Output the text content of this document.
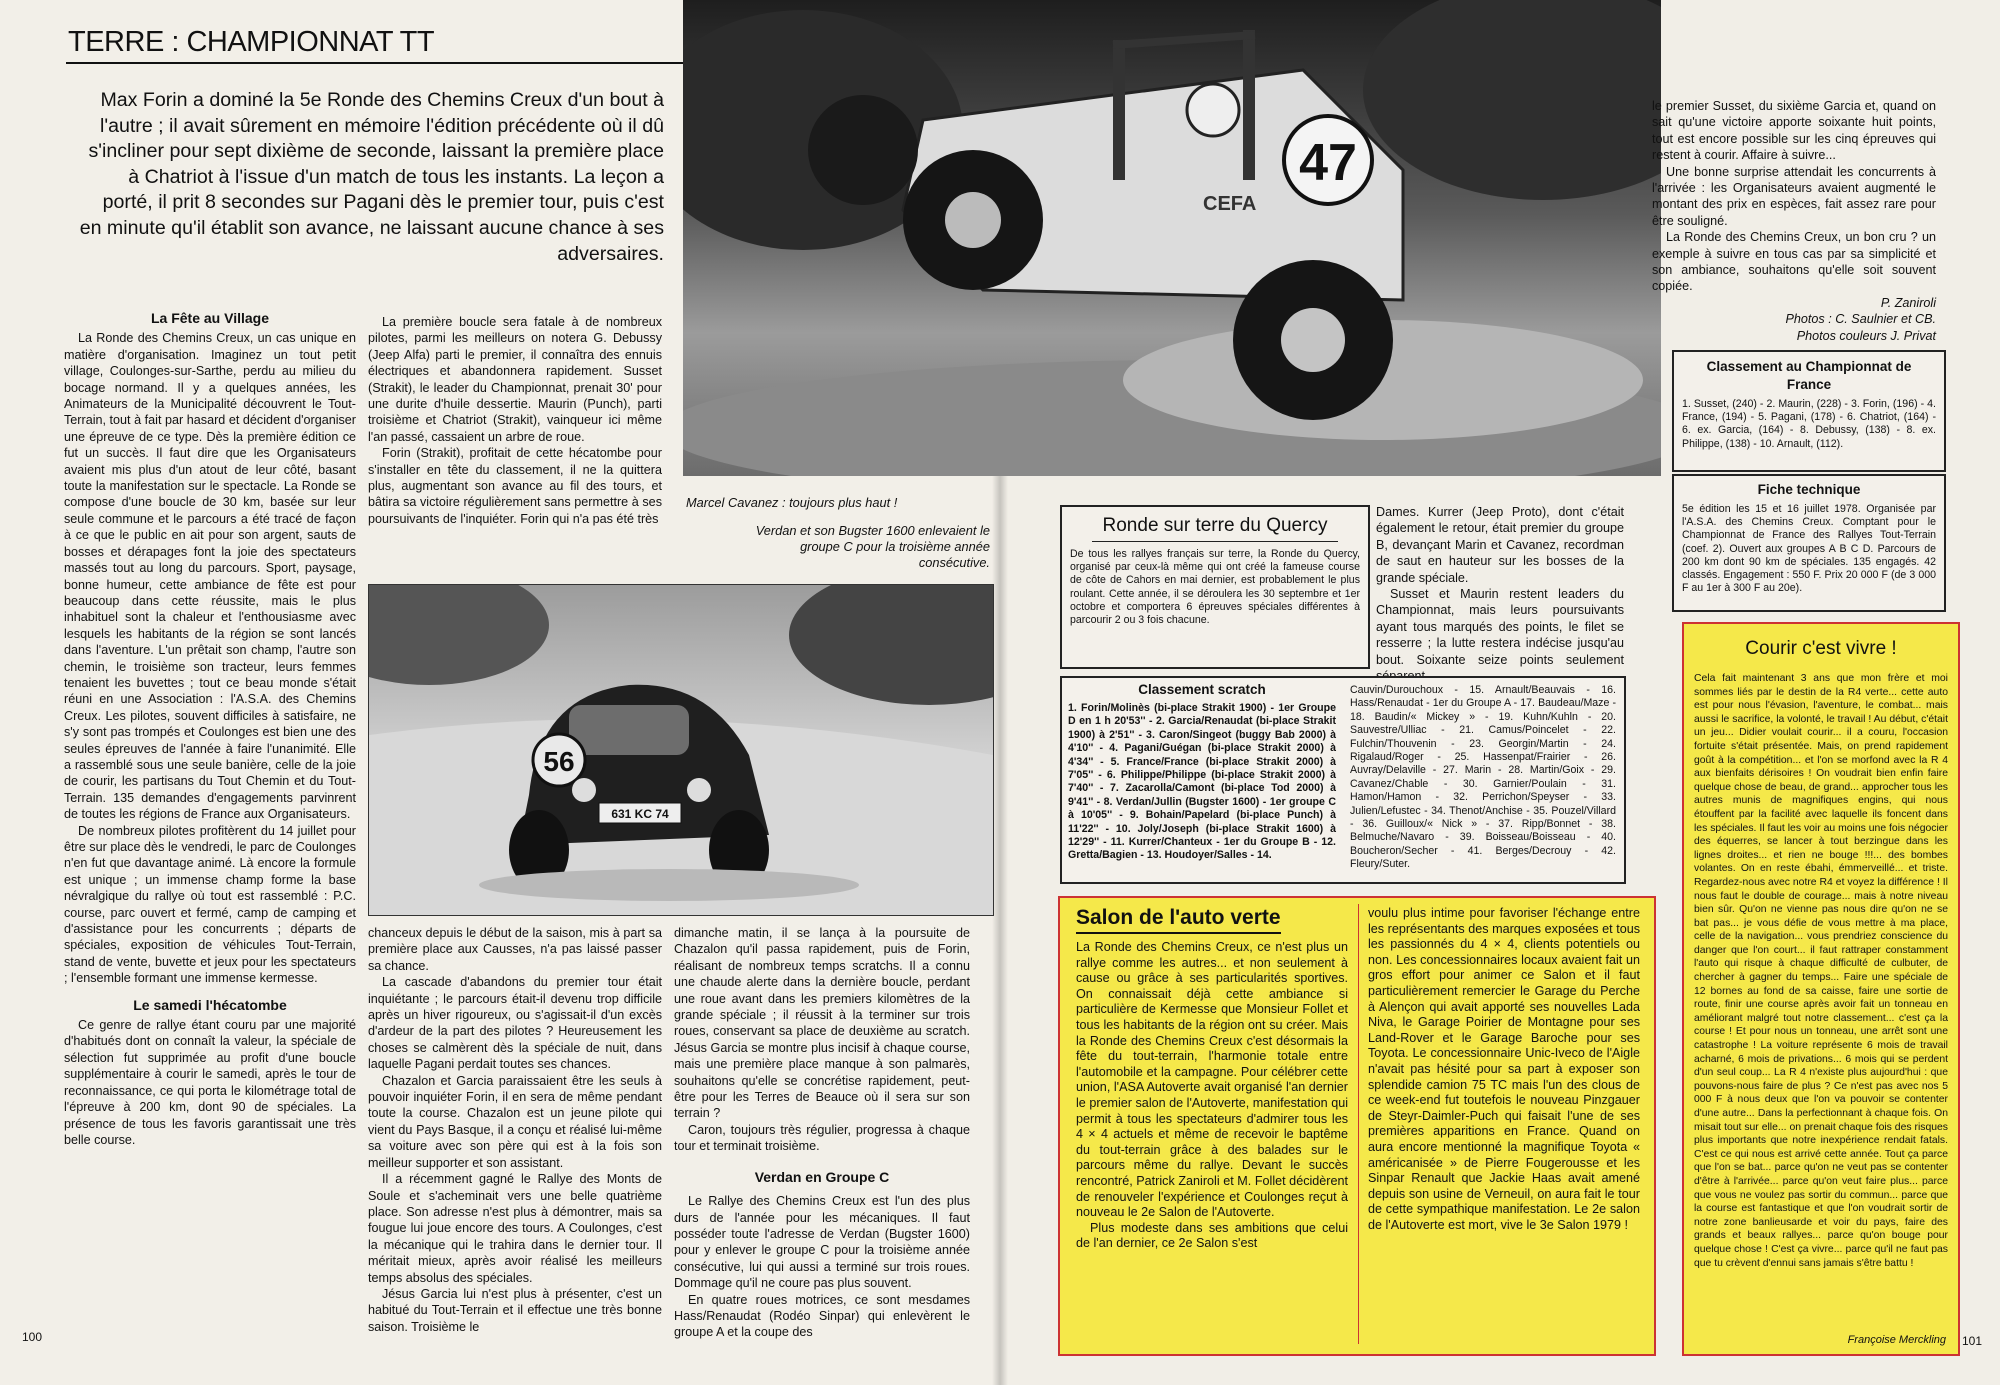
TERRE : CHAMPIONNAT TT
Max Forin a dominé la 5e Ronde des Chemins Creux d'un bout à l'autre ; il avait sûrement en mémoire l'édition précédente où il dû s'incliner pour sept dixième de seconde, laissant la première place à Chatriot à l'issue d'un match de tous les instants. La leçon a porté, il prit 8 secondes sur Pagani dès le premier tour, puis c'est en minute qu'il établit son avance, ne laissant aucune chance à ses adversaires.
La Fête au Village

La Ronde des Chemins Creux, un cas unique en matière d'organisation. Imaginez un tout petit village, Coulonges-sur-Sarthe, perdu au milieu du bocage normand. Il y a quelques années, les Animateurs de la Municipalité découvrent le Tout-Terrain, tout à fait par hasard et décident d'organiser une épreuve de ce type. Dès la première édition ce fut un succès. Il faut dire que les Organisateurs avaient mis plus d'un atout de leur côté, basant toute la manifestation sur le spectacle. La Ronde se compose d'une boucle de 30 km, basée sur leur seule commune et le parcours a été tracé de façon à ce que le public en ait pour son argent, sauts de bosses et dérapages font la joie des spectateurs massés tout au long du parcours. Sport, paysage, bonne humeur, cette ambiance de fête est pour beaucoup dans cette réussite, mais le plus inhabituel sont la chaleur et l'enthousiasme avec lesquels les habitants de la région se sont lancés dans l'aventure. L'un prêtait son champ, l'autre son chemin, le troisième son tracteur, leurs femmes tenaient les buvettes ; tout ce beau monde s'était réuni en une Association : l'A.S.A. des Chemins Creux. Les pilotes, souvent difficiles à satisfaire, ne s'y sont pas trompés et Coulonges est bien une des seules épreuves de l'année à faire l'unanimité. Elle a rassemblé sous une seule banière, celle de la joie de courir, les partisans du Tout Chemin et du Tout-Terrain. 135 demandes d'engagements parvinrent de toutes les régions de France aux Organisateurs.

De nombreux pilotes profitèrent du 14 juillet pour être sur place dès le vendredi, le parc de Coulonges n'en fut que davantage animé. Là encore la formule est unique ; un immense champ forme la base névralgique du rallye où tout est rassemblé : P.C. course, parc ouvert et fermé, camp de camping et d'assistance pour les concurrents ; départs de spéciales, exposition de véhicules Tout-Terrain, stand de vente, buvette et jeux pour les spectateurs ; l'ensemble formant une immense kermesse.

Le samedi l'hécatombe

Ce genre de rallye étant couru par une majorité d'habitués dont on connaît la valeur, la spéciale de sélection fut supprimée au profit d'une boucle supplémentaire à courir le samedi, après le tour de reconnaissance, ce qui porta le kilométrage total de l'épreuve à 200 km, dont 90 de spéciales. La présence de tous les favoris garantissait une très belle course.

La première boucle sera fatale à de nombreux pilotes, parmi les meilleurs on notera G. Debussy (Jeep Alfa) parti le premier, il connaîtra des ennuis électriques et abandonnera rapidement. Susset (Strakit), le leader du Championnat, prenait 30' pour une durite d'huile dessertie. Maurin (Punch), parti troisième et Chatriot (Strakit), vainqueur ici même l'an passé, cassaient un arbre de roue.

Forin (Strakit), profitait de cette hécatombe pour s'installer en tête du classement, il ne la quittera plus, augmentant son avance au fil des tours, et bâtira sa victoire régulièrement sans permettre à ses poursuivants de l'inquiéter. Forin qui n'a pas été très

47
CEFA
Marcel Cavanez : toujours plus haut !
Verdan et son Bugster 1600 enlevaient le groupe C pour la troisième année consécutive.
56
631 KC 74

chanceux depuis le début de la saison, mis à part sa première place aux Causses, n'a pas laissé passer sa chance.

La cascade d'abandons du premier tour était inquiétante ; le parcours était-il devenu trop difficile après un hiver rigoureux, ou s'agissait-il d'un excès d'ardeur de la part des pilotes ? Heureusement les choses se calmèrent dès la spéciale de nuit, dans laquelle Pagani perdait toutes ses chances.

Chazalon et Garcia paraissaient être les seuls à pouvoir inquiéter Forin, il en sera de même pendant toute la course. Chazalon est un jeune pilote qui vient du Pays Basque, il a conçu et réalisé lui-même sa voiture avec son père qui est à la fois son meilleur supporter et son assistant.

Il a récemment gagné le Rallye des Monts de Soule et s'acheminait vers une belle quatrième place. Son adresse n'est plus à démontrer, mais sa fougue lui joue encore des tours. A Coulonges, c'est la mécanique qui le trahira dans le dernier tour. Il méritait mieux, après avoir réalisé les meilleurs temps absolus des spéciales.

Jésus Garcia lui n'est plus à présenter, c'est un habitué du Tout-Terrain et il effectue une très bonne saison. Troisième le

dimanche matin, il se lança à la poursuite de Chazalon qu'il passa rapidement, puis de Forin, réalisant de nombreux temps scratchs. Il a connu une chaude alerte dans la dernière boucle, perdant une roue avant dans les premiers kilomètres de la grande spéciale ; il réussit à la terminer sur trois roues, conservant sa place de deuxième au scratch. Jésus Garcia se montre plus incisif à chaque course, mais une première place manque à son palmarès, souhaitons qu'elle se concrétise rapidement, peut-être pour les Terres de Beauce où il sera sur son terrain ?

Caron, toujours très régulier, progressa à chaque tour et terminait troisième.

Verdan en Groupe C

Le Rallye des Chemins Creux est l'un des plus durs de l'année pour les mécaniques. Il faut posséder toute l'adresse de Verdan (Bugster 1600) pour y enlever le groupe C pour la troisième année consécutive, lui qui aussi a terminé sur trois roues. Dommage qu'il ne coure pas plus souvent.

En quatre roues motrices, ce sont mesdames Hass/Renaudat (Rodéo Sinpar) qui enlevèrent le groupe A et la coupe des

100
Ronde sur terre du Quercy
De tous les rallyes français sur terre, la Ronde du Quercy, organisé par ceux-là même qui ont créé la fameuse course de côte de Cahors en mai dernier, est probablement le plus roulant. Cette année, il se déroulera les 30 septembre et 1er octobre et comportera 6 épreuves spéciales différentes à parcourir 2 ou 3 fois chacune.

Dames. Kurrer (Jeep Proto), dont c'était également le retour, était premier du groupe B, devançant Marin et Cavanez, recordman de saut en hauteur sur les bosses de la grande spéciale.

Susset et Maurin restent leaders du Championnat, mais leurs poursuivants ayant tous marqués des points, le filet se resserre ; la lutte restera indécise jusqu'au bout. Soixante seize points seulement

Classement scratch
1. Forin/Molinès (bi-place Strakit 1900) - 1er Groupe D en 1 h 20'53'' - 2. Garcia/Renaudat (bi-place Strakit 1900) à 2'51'' - 3. Caron/Singeot (buggy Bab 2000) à 4'10'' - 4. Pagani/Guégan (bi-place Strakit 2000) à 4'34'' - 5. France/France (bi-place Strakit 2000) à 7'05'' - 6. Philippe/Philippe (bi-place Strakit 2000) à 7'40'' - 7. Zacarolla/Camont (bi-place Tod 2000) à 9'41'' - 8. Verdan/Jullin (Bugster 1600) - 1er groupe C à 10'05'' - 9. Bohain/Papelard (bi-place Punch) à 11'22'' - 10. Joly/Joseph (bi-place Strakit 1600) à 12'29'' - 11. Kurrer/Chanteux - 1er du Groupe B - 12. Gretta/Bagien - 13. Houdoyer/Salles - 14.
Cauvin/Durouchoux - 15. Arnault/Beauvais - 16. Hass/Renaudat - 1er du Groupe A - 17. Baudeau/Maze - 18. Baudin/« Mickey » - 19. Kuhn/Kuhln - 20. Sauvestre/Ulliac - 21. Camus/Poincelet - 22. Fulchin/Thouvenin - 23. Georgin/Martin - 24. Rigalaud/Roger - 25. Hassenpat/Frairier - 26. Auvray/Delaville - 27. Marin - 28. Martin/Goix - 29. Cavanez/Chable - 30. Garnier/Poulain - 31. Hamon/Hamon - 32. Perrichon/Speyser - 33. Julien/Lefustec - 34. Thenot/Anchise - 35. Pouzel/Villard - 36. Guilloux/« Nick » - 37. Ripp/Bonnet - 38. Belmuche/Navaro - 39. Boisseau/Boisseau - 40. Boucheron/Secher - 41. Berges/Decrouy - 42. Fleury/Suter.
Salon de l'auto verte
La Ronde des Chemins Creux, ce n'est plus un rallye comme les autres... et non seulement à cause ou grâce à ses particularités sportives. On connaissait déjà cette ambiance si particulière de Kermesse que Monsieur Follet et tous les habitants de la région ont su créer. Mais la Ronde des Chemins Creux c'est désormais la fête du tout-terrain, l'harmonie totale entre l'automobile et la campagne. Pour célébrer cette union, l'ASA Autoverte avait organisé l'an dernier le premier salon de l'Autoverte, manifestation qui permit à tous les spectateurs d'admirer tous les 4 × 4 actuels et même de recevoir le baptême du tout-terrain grâce à des balades sur le parcours même du rallye. Devant le succès rencontré, Patrick Zaniroli et M. Follet décidèrent de renouveler l'expérience et Coulonges reçut à nouveau le 2e Salon de l'Autoverte.
Plus modeste dans ses ambitions que celui de l'an dernier, ce 2e Salon s'est
voulu plus intime pour favoriser l'échange entre les représentants des marques exposées et tous les passionnés du 4 × 4, clients potentiels ou non. Les concessionnaires locaux avaient fait un gros effort pour animer ce Salon et il faut particulièrement remercier le Garage du Perche à Alençon qui avait apporté ses nouvelles Lada Niva, le Garage Poirier de Montagne pour ses Land-Rover et le Garage Baroche pour ses Toyota. Le concessionnaire Unic-Iveco de l'Aigle n'avait pas hésité pour sa part à exposer son splendide camion 75 TC mais l'un des clous de ce week-end fut toutefois le nouveau Pinzgauer de Steyr-Daimler-Puch qui faisait l'une de ses premières apparitions en France. Quand on aura encore mentionné la magnifique Toyota « américanisée » de Pierre Fougerousse et les Sinpar Renault que Jackie Haas avait amené depuis son usine de Verneuil, on aura fait le tour de cette sympathique manifestation. Le 2e salon de l'Autoverte est mort, vive le 3e Salon 1979 !

le premier Susset, du sixième Garcia et, quand on sait qu'une victoire apporte soixante huit points, tout est encore possible sur les cinq épreuves qui restent à courir. Affaire à suivre...

Une bonne surprise attendait les concurrents à l'arrivée : les Organisateurs avaient augmenté le montant des prix en espèces, fait assez rare pour être souligné.

La Ronde des Chemins Creux, un bon cru ? un exemple à suivre en tous cas par sa simplicité et son ambiance, souhaitons qu'elle soit souvent copiée.

P. Zaniroli
Photos : C. Saulnier et CB.
Photos couleurs J. Privat
Classement au Championnat de France
1. Susset, (240) - 2. Maurin, (228) - 3. Forin, (196) - 4. France, (194) - 5. Pagani, (178) - 6. Chatriot, (164) - 6. ex. Garcia, (164) - 8. Debussy, (138) - 8. ex. Philippe, (138) - 10. Arnault, (112).
Fiche technique
5e édition les 15 et 16 juillet 1978. Organisée par l'A.S.A. des Chemins Creux. Comptant pour le Championnat de France des Rallyes Tout-Terrain (coef. 2). Ouvert aux groupes A B C D. Parcours de 200 km dont 90 km de spéciales. 135 engagés. 42 classés. Engagement : 550 F. Prix 20 000 F (de 3 000 F au 1er à 300 F au 20e).
Courir c'est vivre !
Cela fait maintenant 3 ans que mon frère et moi sommes liés par le destin de la R4 verte... cette auto est pour nous l'évasion, l'aventure, le combat... mais aussi le sacrifice, la volonté, le travail ! Au début, c'était un jeu... Didier voulait courir... il a couru, l'occasion fortuite s'était présentée. Mais, on prend rapidement goût à la compétition... et l'on se morfond avec la R 4 aux bienfaits dérisoires ! On voudrait bien enfin faire quelque chose de beau, de grand... approcher tous les autres munis de magnifiques engins, qui nous étouffent par la facilité avec laquelle ils foncent dans les spéciales. Il faut les voir au moins une fois négocier des équerres, se lancer à tout berzingue dans les lignes droites... et rien ne bouge !!!... des bombes volantes. On en reste ébahi, émmerveillé... et triste. Regardez-nous avec notre R4 et voyez la différence ! Il nous faut le double de courage... mais à notre niveau bien sûr. Qu'on ne vienne pas nous dire qu'on ne se bat pas... je vous défie de vous mettre à ma place, celle de la navigation... vous prendriez conscience du danger que l'on court... il faut rattraper constamment l'auto qui risque à chaque difficulté de culbuter, de chercher à gagner du temps... Faire une spéciale de 12 bornes au fond de sa caisse, faire une sortie de route, finir une course après avoir fait un tonneau en améliorant malgré tout notre classement... c'est ça la course ! Et pour nous un tonneau, une arrêt sont une catastrophe ! La voiture représente 6 mois de travail acharné, 6 mois de privations... 6 mois qui se perdent d'un seul coup... La R 4 n'existe plus aujourd'hui : que pouvons-nous faire de plus ? Ce n'est pas avec nos 5 000 F à nous deux que l'on va pouvoir se contenter d'une autre... Dans la perfectionnant à chaque fois. On misait tout sur elle... on prenait chaque fois des risques plus importants que notre inexpérience rendait fatals. C'est ce qui nous est arrivé cette année. Tout ça parce que l'on se bat... parce qu'on ne veut pas se contenter d'être à l'arrivée... parce qu'on veut faire plus... parce que vous ne voulez pas sortir du commun... parce que la course est fantastique et que l'on voudrait sortir de notre zone banlieusarde et voir du pays, faire des grands et beaux rallyes... parce qu'on bouge pour quelque chose ! C'est ça vivre... parce qu'il ne faut pas que tu crèvent d'ennui sans jamais s'être battu !
Françoise Merckling 101
